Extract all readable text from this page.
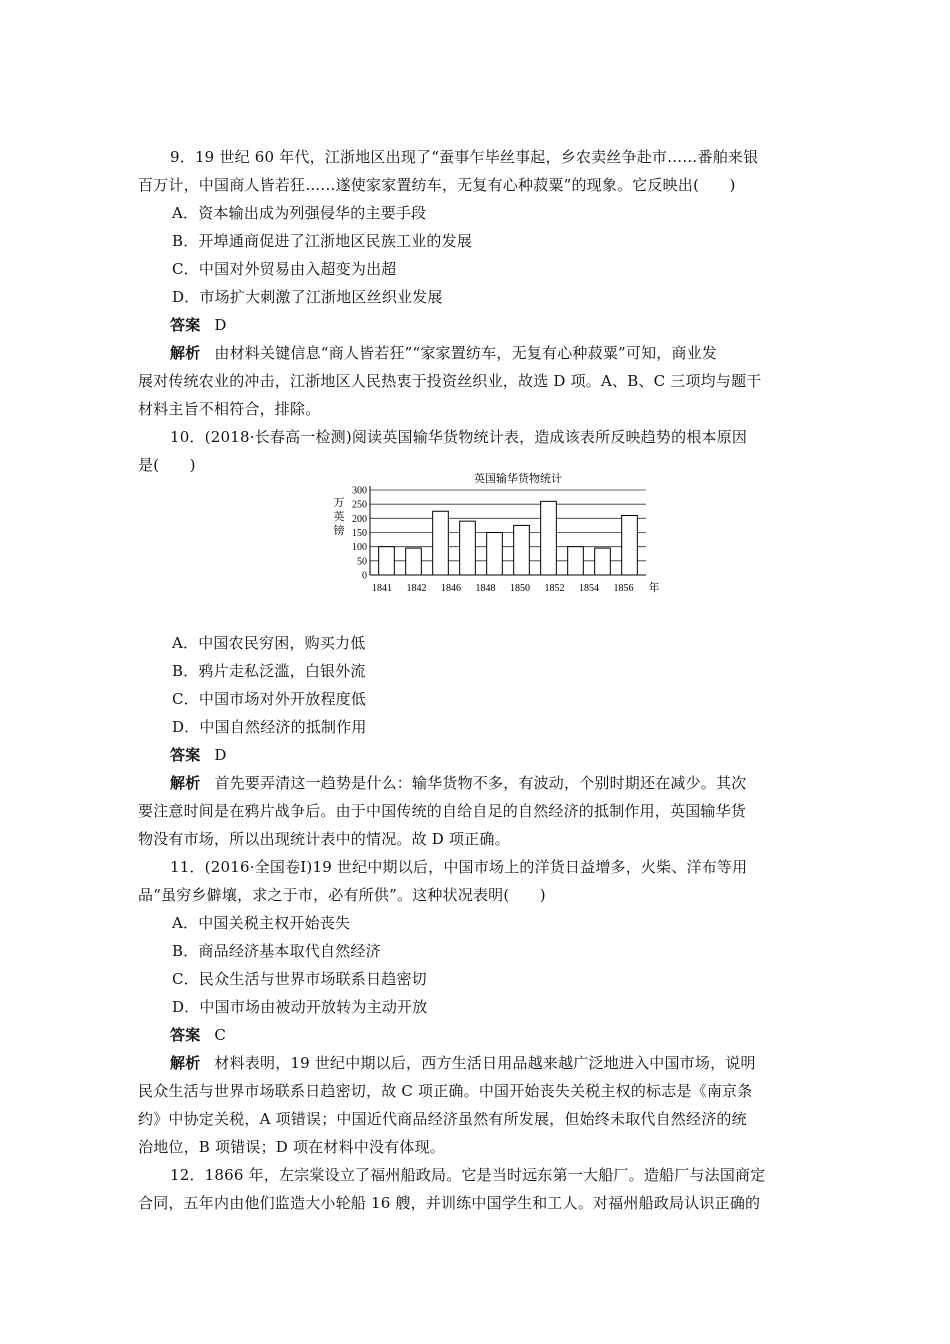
9．19 世纪 60 年代，江浙地区出现了“蚕事乍毕丝事起，乡农卖丝争赴市……番舶来银
百万计，中国商人皆若狂……遂使家家置纺车，无复有心种菽粟”的现象。它反映出(　　)
A．资本输出成为列强侵华的主要手段
B．开埠通商促进了江浙地区民族工业的发展
C．中国对外贸易由入超变为出超
D．市场扩大刺激了江浙地区丝织业发展
答案 D
解析 由材料关键信息“商人皆若狂”“家家置纺车，无复有心种菽粟”可知，商业发
展对传统农业的冲击，江浙地区人民热衷于投资丝织业，故选 D 项。A、B、C 三项均与题干
材料主旨不相符合，排除。
10．(2018·长春高一检测)阅读英国输华货物统计表，造成该表所反映趋势的根本原因
是(　　)
英国输华货物统计
0
50
100
150
200
250
300
万
英
镑
1841 1842 1846 1848 1850 1852 1854 1856 年
A．中国农民穷困，购买力低
B．鸦片走私泛滥，白银外流
C．中国市场对外开放程度低
D．中国自然经济的抵制作用
答案 D
解析 首先要弄清这一趋势是什么：输华货物不多，有波动，个别时期还在减少。其次
要注意时间是在鸦片战争后。由于中国传统的自给自足的自然经济的抵制作用，英国输华货
物没有市场，所以出现统计表中的情况。故 D 项正确。
11．(2016·全国卷Ⅰ)19 世纪中期以后，中国市场上的洋货日益增多，火柴、洋布等用
品“虽穷乡僻壤，求之于市，必有所供”。这种状况表明(　　)
A．中国关税主权开始丧失
B．商品经济基本取代自然经济
C．民众生活与世界市场联系日趋密切
D．中国市场由被动开放转为主动开放
答案 C
解析 材料表明，19 世纪中期以后，西方生活日用品越来越广泛地进入中国市场，说明
民众生活与世界市场联系日趋密切，故 C 项正确。中国开始丧失关税主权的标志是《南京条
约》中协定关税，A 项错误；中国近代商品经济虽然有所发展，但始终未取代自然经济的统
治地位，B 项错误；D 项在材料中没有体现。
12．1866 年，左宗棠设立了福州船政局。它是当时远东第一大船厂。造船厂与法国商定
合同，五年内由他们监造大小轮船 16 艘，并训练中国学生和工人。对福州船政局认识正确的
